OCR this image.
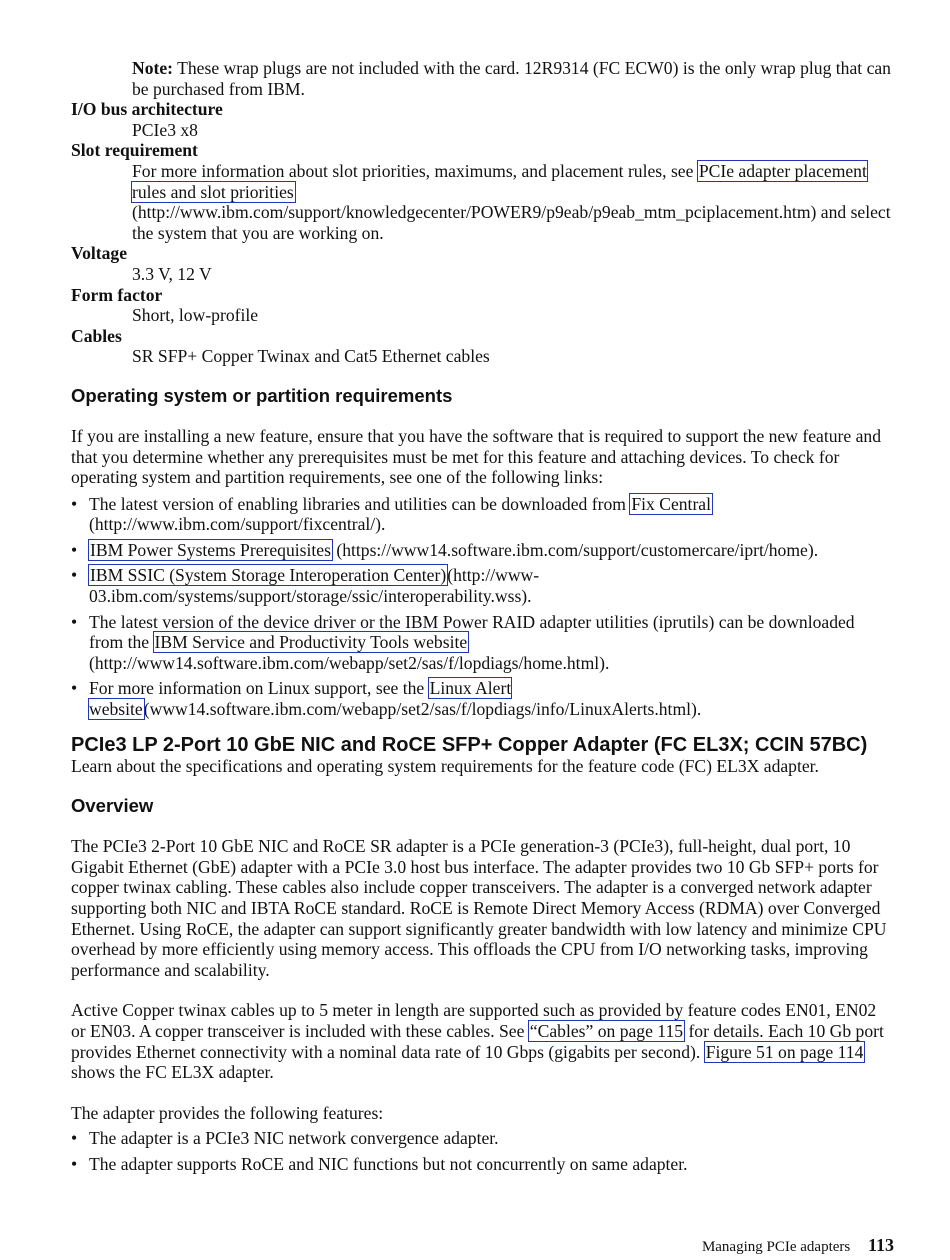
Note: These wrap plugs are not included with the card. 12R9314 (FC ECW0) is the only wrap plug that can be purchased from IBM.

I/O bus architecture
PCIe3 x8
Slot requirement
For more information about slot priorities, maximums, and placement rules, see PCIe adapter placement rules and slot priorities (http://www.ibm.com/support/knowledgecenter/POWER9/p9eab/p9eab_mtm_pciplacement.htm) and select the system that you are working on.
Voltage
3.3 V, 12 V
Form factor
Short, low-profile
Cables
SR SFP+ Copper Twinax and Cat5 Ethernet cables
Operating system or partition requirements

If you are installing a new feature, ensure that you have the software that is required to support the new feature and that you determine whether any prerequisites must be met for this feature and attaching devices. To check for operating system and partition requirements, see one of the following links:

• The latest version of enabling libraries and utilities can be downloaded from Fix Central (http://www.ibm.com/support/fixcentral/).
• IBM Power Systems Prerequisites (https://www14.software.ibm.com/support/customercare/iprt/home).
• IBM SSIC (System Storage Interoperation Center)(http://www-03.ibm.com/systems/support/storage/ssic/interoperability.wss).
• The latest version of the device driver or the IBM Power RAID adapter utilities (iprutils) can be downloaded from the IBM Service and Productivity Tools website (http://www14.software.ibm.com/webapp/set2/sas/f/lopdiags/home.html).
• For more information on Linux support, see the Linux Alert website(www14.software.ibm.com/webapp/set2/sas/f/lopdiags/info/LinuxAlerts.html).
PCIe3 LP 2-Port 10 GbE NIC and RoCE SFP+ Copper Adapter (FC EL3X; CCIN 57BC)

Learn about the specifications and operating system requirements for the feature code (FC) EL3X adapter.

Overview

The PCIe3 2-Port 10 GbE NIC and RoCE SR adapter is a PCIe generation-3 (PCIe3), full-height, dual port, 10 Gigabit Ethernet (GbE) adapter with a PCIe 3.0 host bus interface. The adapter provides two 10 Gb SFP+ ports for copper twinax cabling. These cables also include copper transceivers. The adapter is a converged network adapter supporting both NIC and IBTA RoCE standard. RoCE is Remote Direct Memory Access (RDMA) over Converged Ethernet. Using RoCE, the adapter can support significantly greater bandwidth with low latency and minimize CPU overhead by more efficiently using memory access. This offloads the CPU from I/O networking tasks, improving performance and scalability.

Active Copper twinax cables up to 5 meter in length are supported such as provided by feature codes EN01, EN02 or EN03. A copper transceiver is included with these cables. See “Cables” on page 115 for details. Each 10 Gb port provides Ethernet connectivity with a nominal data rate of 10 Gbps (gigabits per second). Figure 51 on page 114 shows the FC EL3X adapter.

The adapter provides the following features:

• The adapter is a PCIe3 NIC network convergence adapter.
• The adapter supports RoCE and NIC functions but not concurrently on same adapter.
Managing PCIe adapters 113
